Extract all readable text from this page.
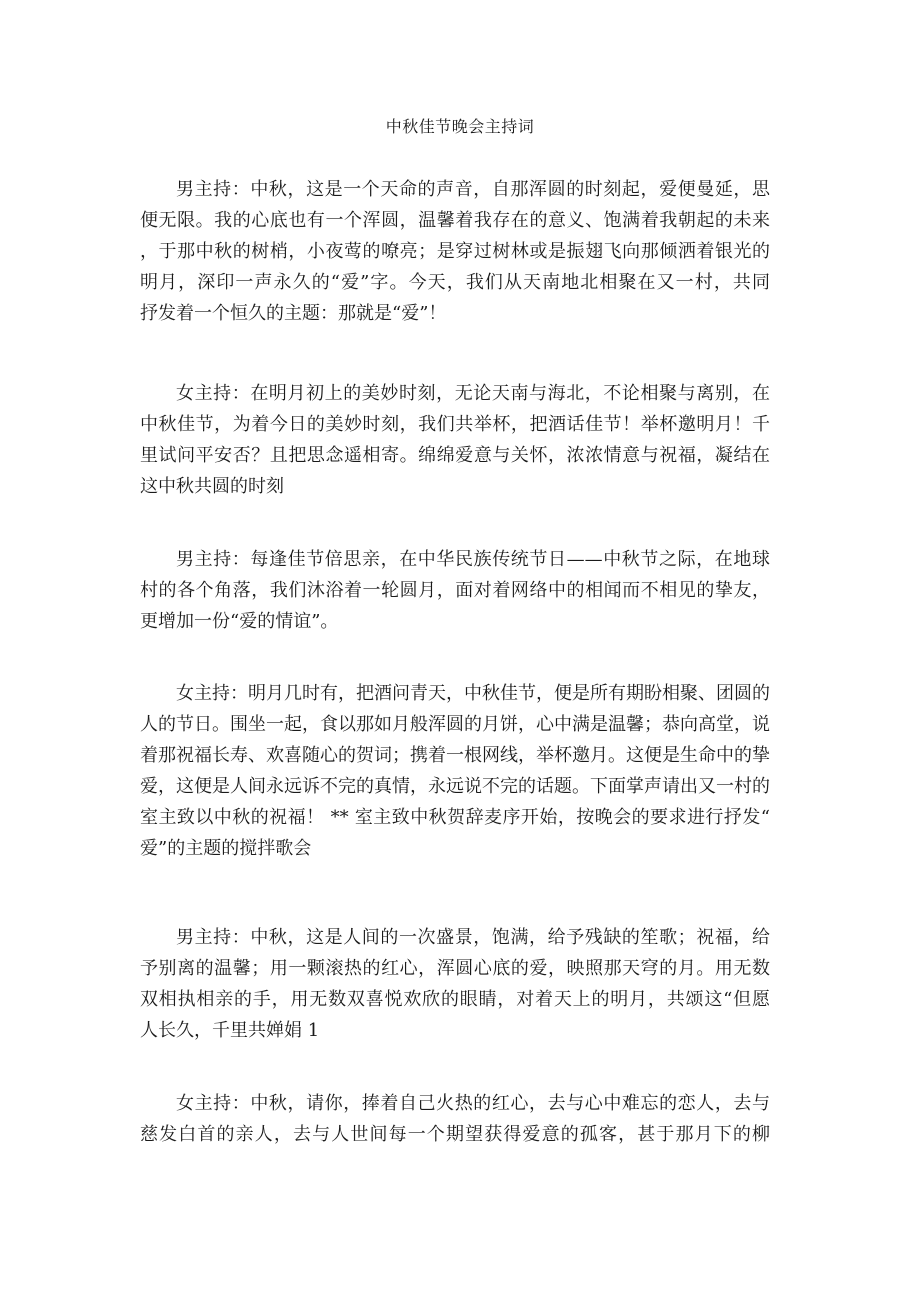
中秋佳节晚会主持词
男主持：中秋，这是一个天命的声音，自那浑圆的时刻起，爱便曼延，思
便无限。我的心底也有一个浑圆，温馨着我存在的意义、饱满着我朝起的未来
，于那中秋的树梢，小夜莺的嘹亮；是穿过树林或是振翅飞向那倾洒着银光的
明月，深印一声永久的“爱”字。今天，我们从天南地北相聚在又一村，共同
抒发着一个恒久的主题：那就是“爱”！
女主持：在明月初上的美妙时刻，无论天南与海北，不论相聚与离别，在
中秋佳节，为着今日的美妙时刻，我们共举杯，把酒话佳节！举杯邀明月！千
里试问平安否？且把思念遥相寄。绵绵爱意与关怀，浓浓情意与祝福，凝结在
这中秋共圆的时刻
男主持：每逢佳节倍思亲，在中华民族传统节日——中秋节之际，在地球
村的各个角落，我们沐浴着一轮圆月，面对着网络中的相闻而不相见的挚友，
更增加一份“爱的情谊”。
女主持：明月几时有，把酒问青天，中秋佳节，便是所有期盼相聚、团圆的
人的节日。围坐一起，食以那如月般浑圆的月饼，心中满是温馨；恭向高堂，说
着那祝福长寿、欢喜随心的贺词；携着一根网线，举杯邀月。这便是生命中的挚
爱，这便是人间永远诉不完的真情，永远说不完的话题。下面掌声请出又一村的
室主致以中秋的祝福！ ** 室主致中秋贺辞麦序开始，按晚会的要求进行抒发“
爱”的主题的搅拌歌会
男主持：中秋，这是人间的一次盛景，饱满，给予残缺的笙歌；祝福，给
予别离的温馨；用一颗滚热的红心，浑圆心底的爱，映照那天穹的月。用无数
双相执相亲的手，用无数双喜悦欢欣的眼睛，对着天上的明月，共颂这“但愿
人长久，千里共婵娟 1
女主持：中秋，请你，捧着自己火热的红心，去与心中难忘的恋人，去与
慈发白首的亲人，去与人世间每一个期望获得爱意的孤客，甚于那月下的柳
